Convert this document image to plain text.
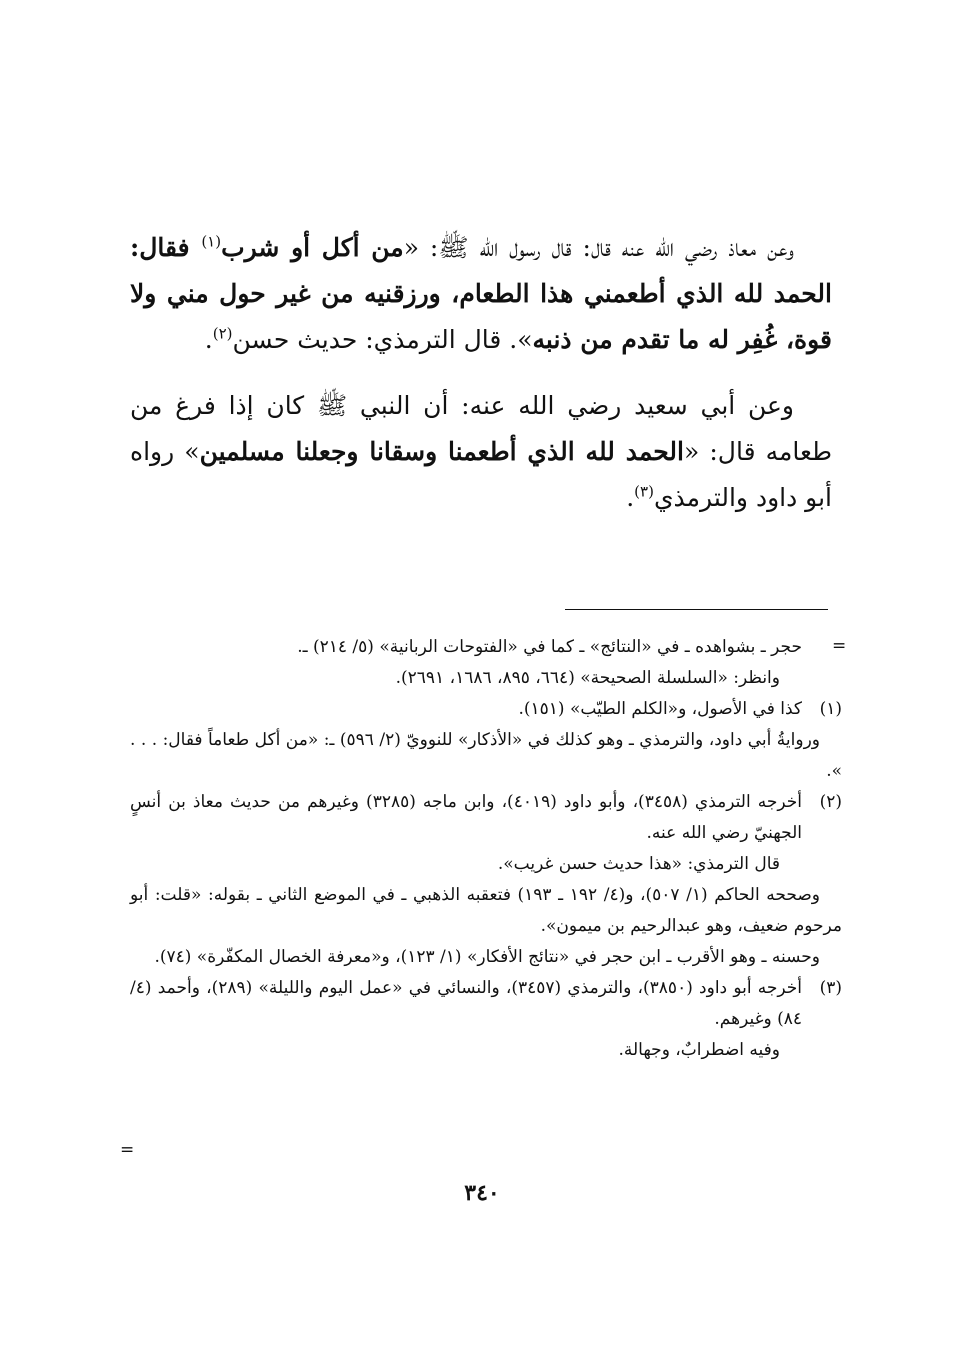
وعن معاذ رضي الله عنه قال: قال رسول الله ﷺ: «من أكل أو شرب$^{(١)}$ فقال: الحمد لله الذي أطعمني هذا الطعام، ورزقنيه من غير حول مني ولا قوة، غُفِر له ما تقدم من ذنبه». قال الترمذي: حديث حسن$^{(٢)}$.

وعن أبي سعيد رضي الله عنه: أن النبي ﷺ كان إذا فرغ من طعامه قال: «الحمد لله الذي أطعمنا وسقانا وجعلنا مسلمين» رواه أبو داود والترمذي$^{(٣)}$.

=
حجر ـ بشواهده ـ في «النتائج» ـ كما في «الفتوحات الربانية» (٥/ ٢١٤) ـ.
وانظر: «السلسلة الصحيحة» (٦٦٤، ٨٩٥، ١٦٨٦، ٢٦٩١).
(١)
كذا في الأصول، و«الكلم الطيّب» (١٥١).
وروايةُ أبي داود، والترمذي ـ وهو كذلك في «الأذكار» للنوويّ (٢/ ٥٩٦) ـ: «من أكل طعاماً فقال: . . . ».
(٢)
أخرجه الترمذي (٣٤٥٨)، وأبو داود (٤٠١٩)، وابن ماجه (٣٢٨٥) وغيرهم من حديث معاذ بن أنسٍ الجهنيّ رضي الله عنه.
قال الترمذي: «هذا حديث حسن غريب».
وصححه الحاكم (١/ ٥٠٧)، و(٤/ ١٩٢ ـ ١٩٣) فتعقبه الذهبي ـ في الموضع الثاني ـ بقوله: «قلت: أبو مرحوم ضعيف، وهو عبدالرحيم بن ميمون».
وحسنه ـ وهو الأقرب ـ ابن حجر في «نتائج الأفكار» (١/ ١٢٣)، و«معرفة الخصال المكفّرة» (٧٤).
(٣)
أخرجه أبو داود (٣٨٥٠)، والترمذي (٣٤٥٧)، والنسائي في «عمل اليوم والليلة» (٢٨٩)، وأحمد (٤/ ٨٤) وغيرهم.
وفيه اضطرابٌ، وجهالة.
=
٣٤٠
